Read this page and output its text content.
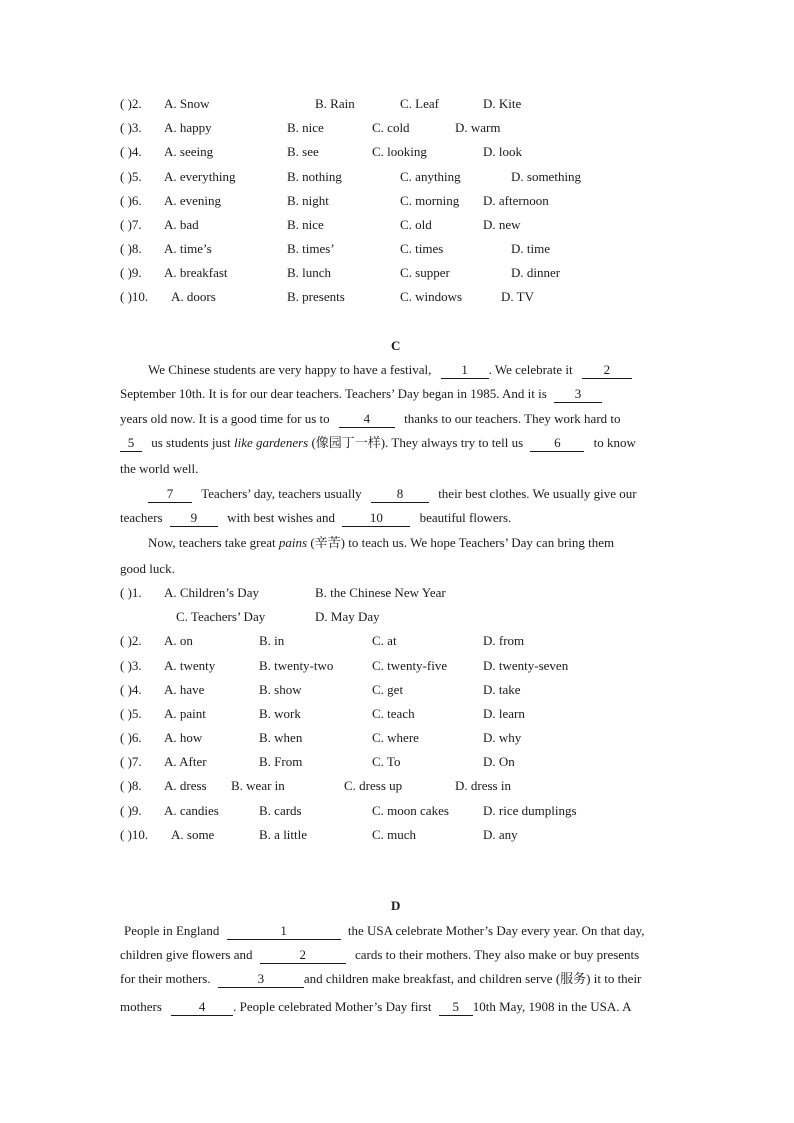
( )2. A. Snow	B. Rain	C. Leaf	D. Kite
( )3. A. happy	B. nice	C. cold	D. warm
( )4. A. seeing	B. see	C. looking	D. look
( )5. A. everything	B. nothing	C. anything	D. something
( )6. A. evening	B. night	C. morning D. afternoon
( )7. A. bad	B. nice	C. old	D. new
( )8. A. time’s	B. times’	C. times	D. time
( )9. A. breakfast	B. lunch	C. supper	D. dinner
( )10. A. doors	B. presents	C. windows	D. TV
C
We Chinese students are very happy to have a festival, 1 . We celebrate it 2
September 10th. It is for our dear teachers. Teachers’ Day began in 1985. And it is 3
years old now. It is a good time for us to	4	thanks to our teachers. They work hard to
5 us students just like gardeners (像园丁一样). They always try to tell us 6	to know
the world well.
7 Teachers’ day, teachers usually	8	their best clothes. We usually give our
teachers 9 with best wishes and	10	beautiful flowers.
Now, teachers take great pains (辛苦) to teach us. We hope Teachers’ Day can bring them
good luck.
( )1. A. Children’s Day	B. the Chinese New Year
C. Teachers’ Day	D. May Day
( )2. A. on	B. in	C. at	D. from
( )3. A. twenty	B. twenty-two	C. twenty-five	D. twenty-seven
( )4. A. have	B. show	C. get	D. take
( )5. A. paint	B. work	C. teach	D. learn
( )6. A. how	B. when	C. where	D. why
( )7. A. After	B. From	C. To	D. On
( )8. A. dress B. wear in	C. dress up	D. dress in
( )9. A. candies	B. cards	C. moon cakes	D. rice dumplings
( )10. A. some	B. a little	C. much	D. any
D
People in England	1	the USA celebrate Mother’s Day every year. On that day,
children give flowers and	2	cards to their mothers. They also make or buy presents
for their mothers.	3	and children make breakfast, and children serve (服务) it to their
mothers	4 . People celebrated Mother’s Day first 5 10th May, 1908 in the USA. A
